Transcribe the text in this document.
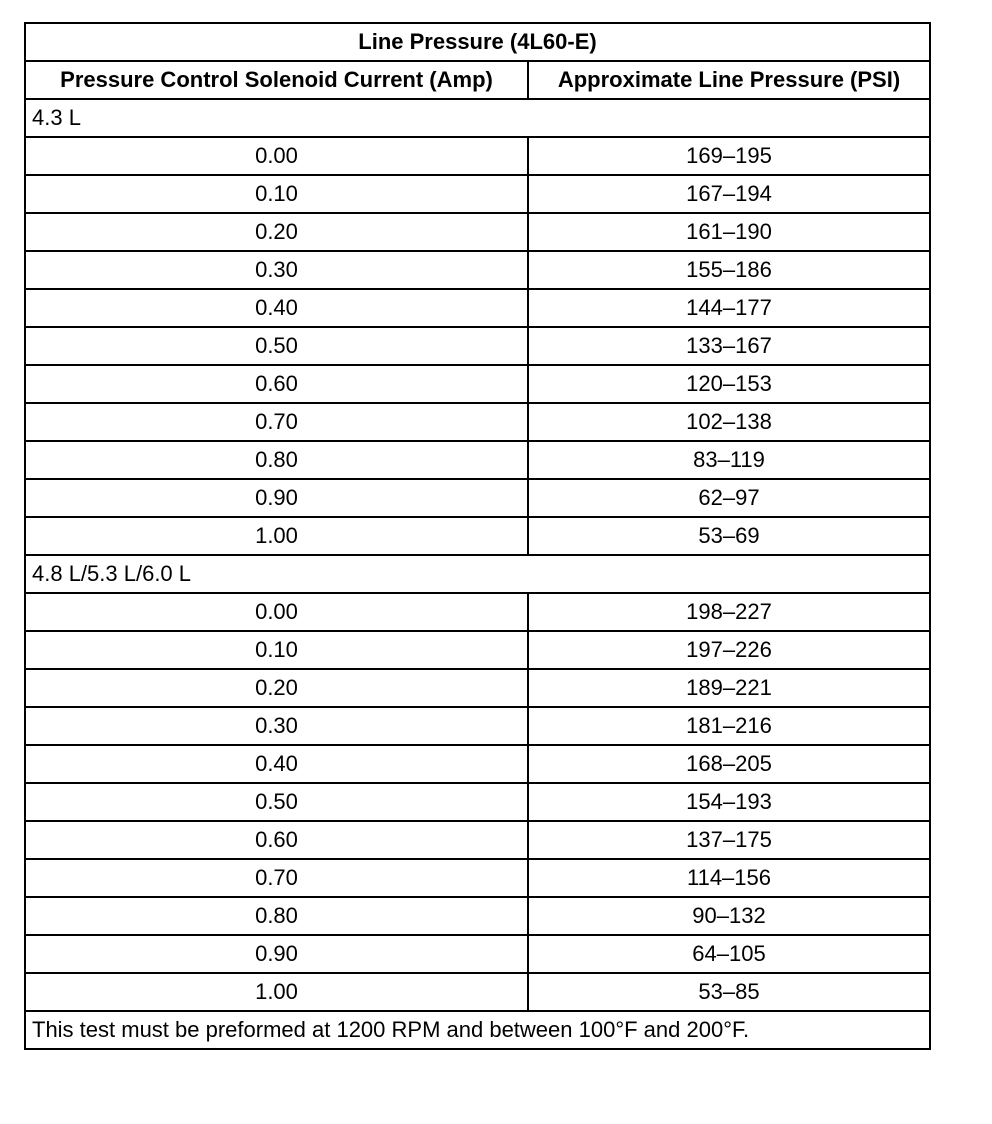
Line Pressure (4L60-E)	
Pressure Control Solenoid Current (Amp)	Approximate Line Pressure (PSI)
4.3 L	
0.00	169–195
0.10	167–194
0.20	161–190
0.30	155–186
0.40	144–177
0.50	133–167
0.60	120–153
0.70	102–138
0.80	83–119
0.90	62–97
1.00	53–69
4.8 L/5.3 L/6.0 L	
0.00	198–227
0.10	197–226
0.20	189–221
0.30	181–216
0.40	168–205
0.50	154–193
0.60	137–175
0.70	114–156
0.80	90–132
0.90	64–105
1.00	53–85
This test must be preformed at 1200 RPM and between 100°F and 200°F.	
